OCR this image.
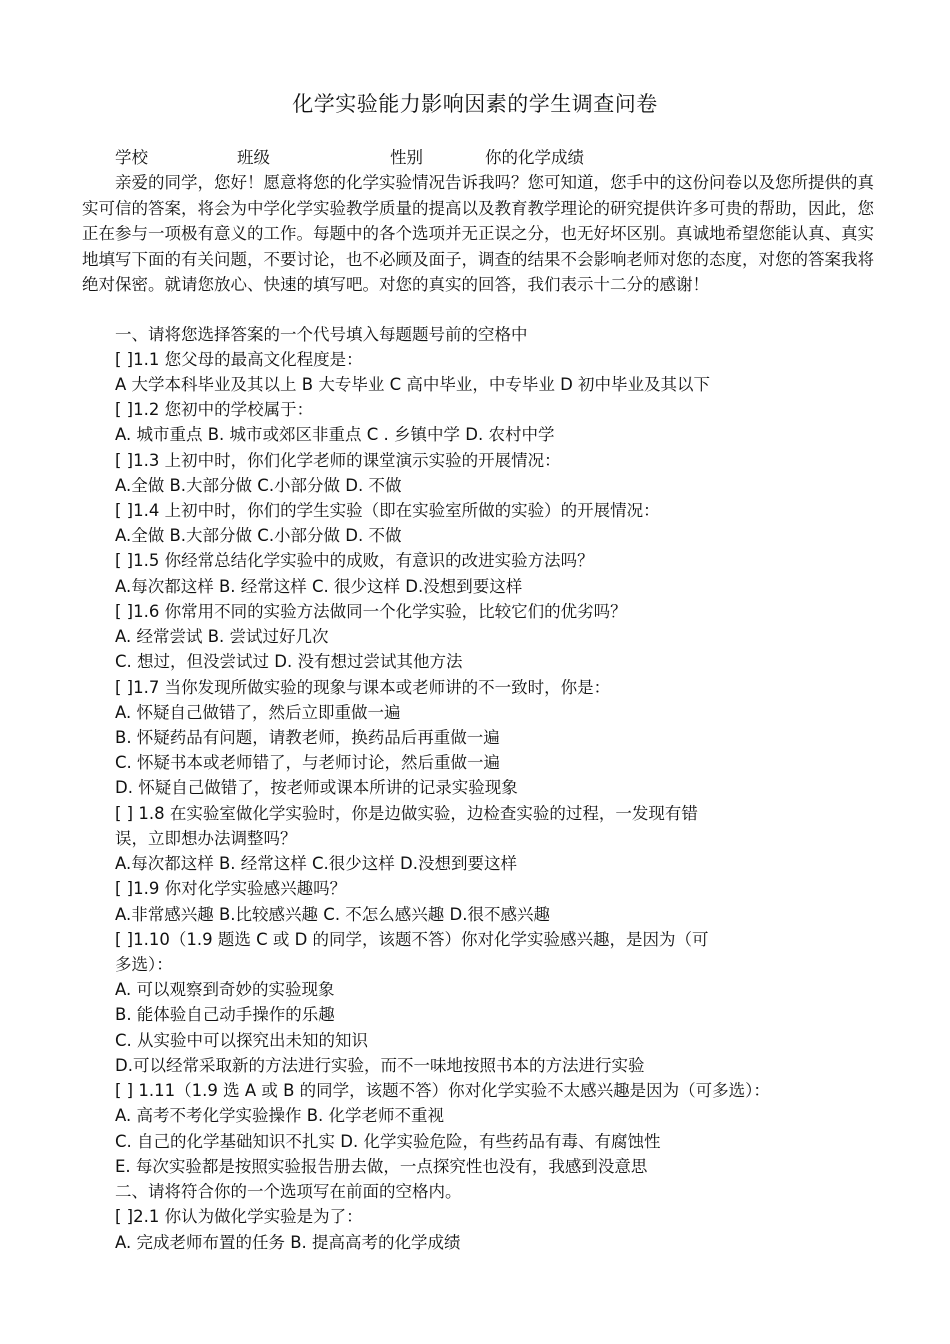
化学实验能力影响因素的学生调查问卷
学校	班级	性别	你的化学成绩
亲爱的同学，您好！愿意将您的化学实验情况告诉我吗？您可知道，您手中的这份问卷以及您所提供的真实可信的答案，将会为中学化学实验教学质量的提高以及教育教学理论的研究提供许多可贵的帮助，因此，您正在参与一项极有意义的工作。每题中的各个选项并无正误之分，也无好坏区别。真诚地希望您能认真、真实地填写下面的有关问题，不要讨论，也不必顾及面子，调查的结果不会影响老师对您的态度，对您的答案我将绝对保密。就请您放心、快速的填写吧。对您的真实的回答，我们表示十二分的感谢！
一、请将您选择答案的一个代号填入每题题号前的空格中
[ ]1.1 您父母的最高文化程度是：
A 大学本科毕业及其以上 B 大专毕业 C 高中毕业，中专毕业 D 初中毕业及其以下
[ ]1.2 您初中的学校属于：
A. 城市重点 B. 城市或郊区非重点 C . 乡镇中学 D. 农村中学
[ ]1.3 上初中时，你们化学老师的课堂演示实验的开展情况：
A.全做 B.大部分做 C.小部分做 D. 不做
[ ]1.4 上初中时，你们的学生实验（即在实验室所做的实验）的开展情况：
A.全做 B.大部分做 C.小部分做 D. 不做
[ ]1.5 你经常总结化学实验中的成败，有意识的改进实验方法吗？
A.每次都这样 B. 经常这样 C. 很少这样 D.没想到要这样
[ ]1.6 你常用不同的实验方法做同一个化学实验，比较它们的优劣吗？
A. 经常尝试 B. 尝试过好几次
C. 想过，但没尝试过 D. 没有想过尝试其他方法
[ ]1.7 当你发现所做实验的现象与课本或老师讲的不一致时，你是：
A. 怀疑自己做错了，然后立即重做一遍
B. 怀疑药品有问题，请教老师，换药品后再重做一遍
C. 怀疑书本或老师错了，与老师讨论，然后重做一遍
D. 怀疑自己做错了，按老师或课本所讲的记录实验现象
[ ] 1.8 在实验室做化学实验时，你是边做实验，边检查实验的过程，一发现有错
误，立即想办法调整吗？
A.每次都这样 B. 经常这样 C.很少这样 D.没想到要这样
[ ]1.9 你对化学实验感兴趣吗？
A.非常感兴趣 B.比较感兴趣 C. 不怎么感兴趣 D.很不感兴趣
[ ]1.10（1.9 题选 C 或 D 的同学，该题不答）你对化学实验感兴趣，是因为（可
多选）：
A. 可以观察到奇妙的实验现象
B. 能体验自己动手操作的乐趣
C. 从实验中可以探究出未知的知识
D.可以经常采取新的方法进行实验，而不一味地按照书本的方法进行实验
[ ] 1.11（1.9 选 A 或 B 的同学，该题不答）你对化学实验不太感兴趣是因为（可多选）：
A. 高考不考化学实验操作 B. 化学老师不重视
C. 自己的化学基础知识不扎实 D. 化学实验危险，有些药品有毒、有腐蚀性
E. 每次实验都是按照实验报告册去做，一点探究性也没有，我感到没意思
二、请将符合你的一个选项写在前面的空格内。
[ ]2.1 你认为做化学实验是为了：
A. 完成老师布置的任务 B. 提高高考的化学成绩
